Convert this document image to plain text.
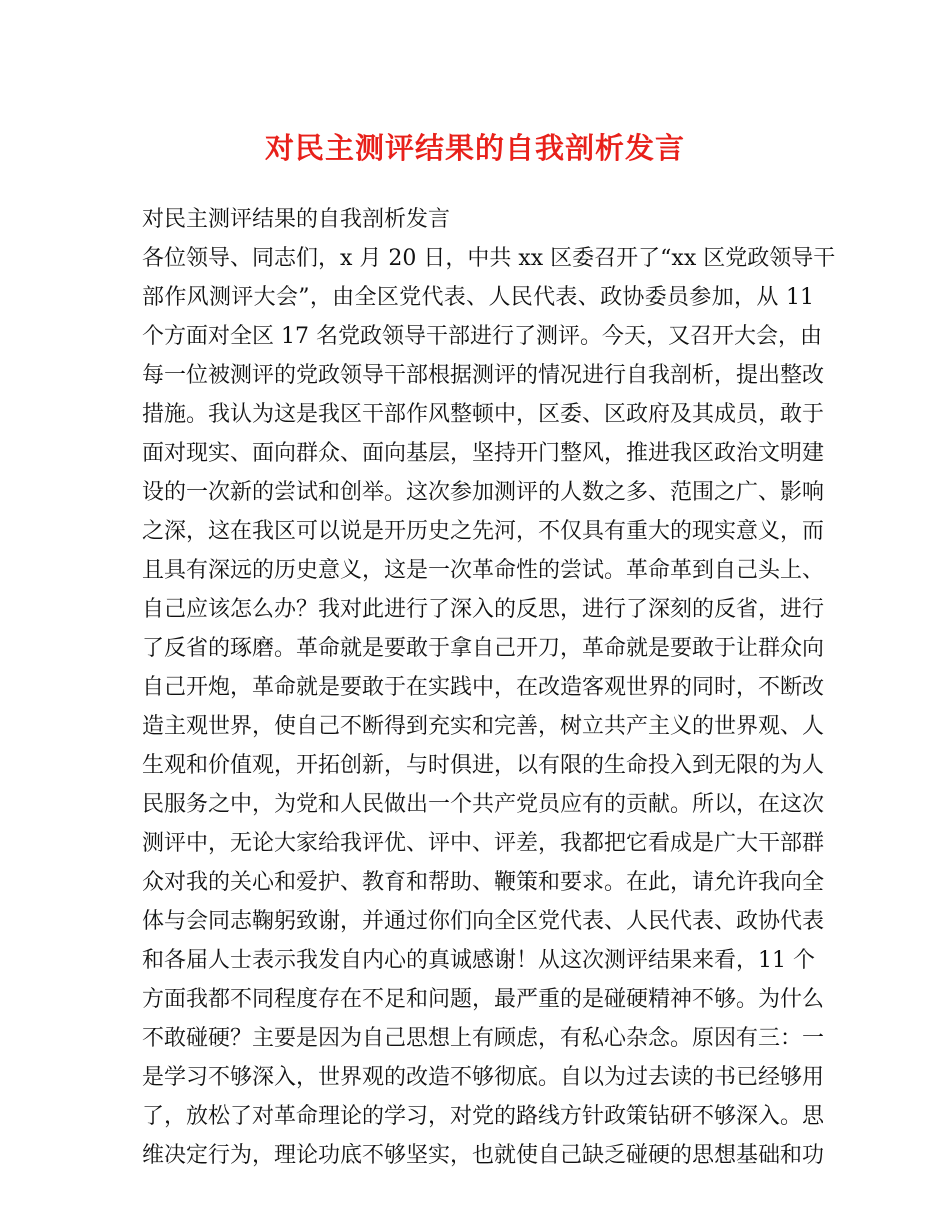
对民主测评结果的自我剖析发言
对民主测评结果的自我剖析发言
各位领导、同志们，x 月 20 日，中共 xx 区委召开了“xx 区党政领导干
部作风测评大会”，由全区党代表、人民代表、政协委员参加，从 11
个方面对全区 17 名党政领导干部进行了测评。今天，又召开大会，由
每一位被测评的党政领导干部根据测评的情况进行自我剖析，提出整改
措施。我认为这是我区干部作风整顿中，区委、区政府及其成员，敢于
面对现实、面向群众、面向基层，坚持开门整风，推进我区政治文明建
设的一次新的尝试和创举。这次参加测评的人数之多、范围之广、影响
之深，这在我区可以说是开历史之先河，不仅具有重大的现实意义，而
且具有深远的历史意义，这是一次革命性的尝试。革命革到自己头上、
自己应该怎么办？我对此进行了深入的反思，进行了深刻的反省，进行
了反省的琢磨。革命就是要敢于拿自己开刀，革命就是要敢于让群众向
自己开炮，革命就是要敢于在实践中，在改造客观世界的同时，不断改
造主观世界，使自己不断得到充实和完善，树立共产主义的世界观、人
生观和价值观，开拓创新，与时俱进，以有限的生命投入到无限的为人
民服务之中，为党和人民做出一个共产党员应有的贡献。所以，在这次
测评中，无论大家给我评优、评中、评差，我都把它看成是广大干部群
众对我的关心和爱护、教育和帮助、鞭策和要求。在此，请允许我向全
体与会同志鞠躬致谢，并通过你们向全区党代表、人民代表、政协代表
和各届人士表示我发自内心的真诚感谢！从这次测评结果来看，11 个
方面我都不同程度存在不足和问题，最严重的是碰硬精神不够。为什么
不敢碰硬？主要是因为自己思想上有顾虑，有私心杂念。原因有三：一
是学习不够深入，世界观的改造不够彻底。自以为过去读的书已经够用
了，放松了对革命理论的学习，对党的路线方针政策钻研不够深入。思
维决定行为，理论功底不够坚实，也就使自己缺乏碰硬的思想基础和功
